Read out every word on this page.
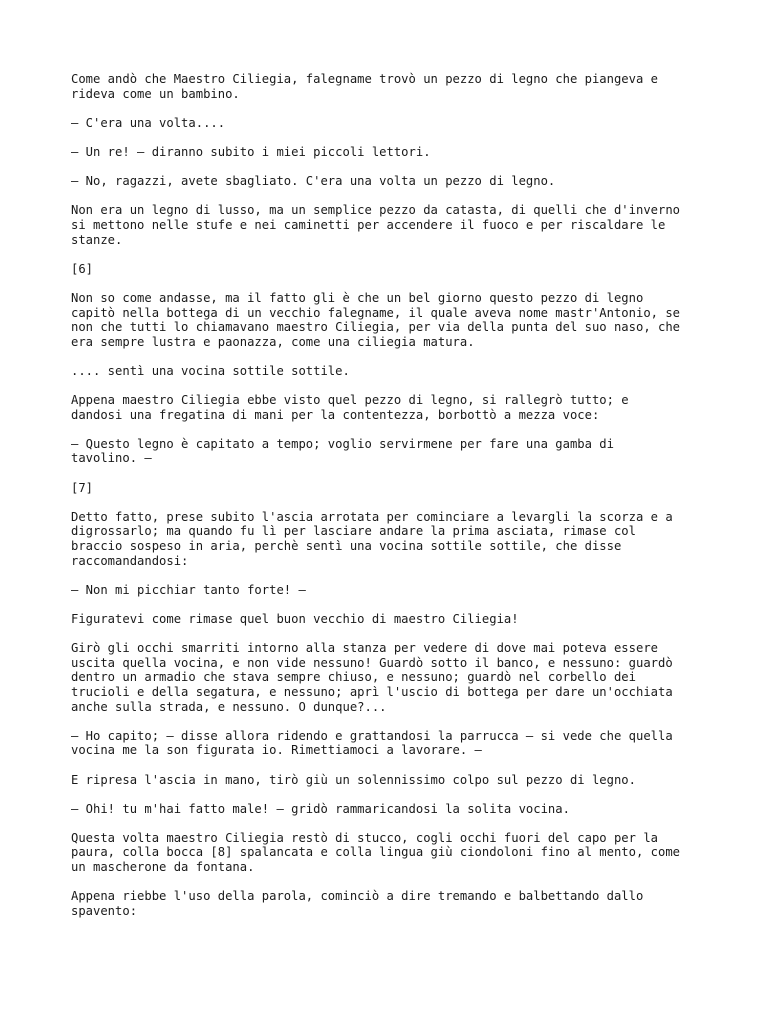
Come andò che Maestro Ciliegia, falegname trovò un pezzo di legno che piangeva e
rideva come un bambino.

— C'era una volta....

— Un re! — diranno subito i miei piccoli lettori.

— No, ragazzi, avete sbagliato. C'era una volta un pezzo di legno.

Non era un legno di lusso, ma un semplice pezzo da catasta, di quelli che d'inverno
si mettono nelle stufe e nei caminetti per accendere il fuoco e per riscaldare le
stanze.

[6]

Non so come andasse, ma il fatto gli è che un bel giorno questo pezzo di legno
capitò nella bottega di un vecchio falegname, il quale aveva nome mastr'Antonio, se
non che tutti lo chiamavano maestro Ciliegia, per via della punta del suo naso, che
era sempre lustra e paonazza, come una ciliegia matura.

.... sentì una vocina sottile sottile.

Appena maestro Ciliegia ebbe visto quel pezzo di legno, si rallegrò tutto; e
dandosi una fregatina di mani per la contentezza, borbottò a mezza voce:

— Questo legno è capitato a tempo; voglio servirmene per fare una gamba di
tavolino. —

[7]

Detto fatto, prese subito l'ascia arrotata per cominciare a levargli la scorza e a
digrossarlo; ma quando fu lì per lasciare andare la prima asciata, rimase col
braccio sospeso in aria, perchè sentì una vocina sottile sottile, che disse
raccomandandosi:

— Non mi picchiar tanto forte! —

Figuratevi come rimase quel buon vecchio di maestro Ciliegia!

Girò gli occhi smarriti intorno alla stanza per vedere di dove mai poteva essere
uscita quella vocina, e non vide nessuno! Guardò sotto il banco, e nessuno: guardò
dentro un armadio che stava sempre chiuso, e nessuno; guardò nel corbello dei
trucioli e della segatura, e nessuno; aprì l'uscio di bottega per dare un'occhiata
anche sulla strada, e nessuno. O dunque?...

— Ho capito; — disse allora ridendo e grattandosi la parrucca — si vede che quella
vocina me la son figurata io. Rimettiamoci a lavorare. —

E ripresa l'ascia in mano, tirò giù un solennissimo colpo sul pezzo di legno.

— Ohi! tu m'hai fatto male! — gridò rammaricandosi la solita vocina.

Questa volta maestro Ciliegia restò di stucco, cogli occhi fuori del capo per la
paura, colla bocca [8] spalancata e colla lingua giù ciondoloni fino al mento, come
un mascherone da fontana.

Appena riebbe l'uso della parola, cominciò a dire tremando e balbettando dallo
spavento:
